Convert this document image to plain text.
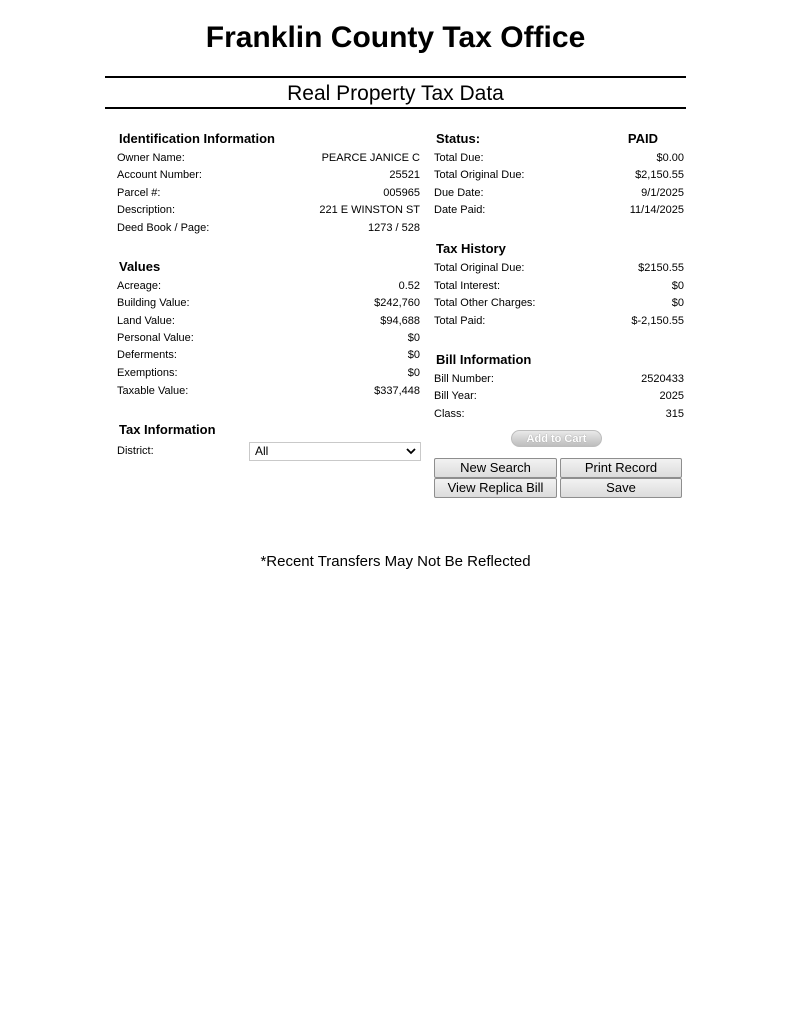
Franklin County Tax Office
Real Property Tax Data
Identification Information
Owner Name:	PEARCE JANICE C
Account Number:	25521
Parcel #:	005965
Description:	221 E WINSTON ST
Deed Book / Page:	1273 / 528
Values
Acreage:	0.52
Building Value:	$242,760
Land Value:	$94,688
Personal Value:	$0
Deferments:	$0
Exemptions:	$0
Taxable Value:	$337,448
Tax Information
District:	All
Status:	PAID
Total Due:	$0.00
Total Original Due:	$2,150.55
Due Date:	9/1/2025
Date Paid:	11/14/2025
Tax History
Total Original Due:	$2150.55
Total Interest:	$0
Total Other Charges:	$0
Total Paid:	$-2,150.55
Bill Information
Bill Number:	2520433
Bill Year:	2025
Class:	315
Add to Cart
New Search	Print Record
View Replica Bill	Save
*Recent Transfers May Not Be Reflected
